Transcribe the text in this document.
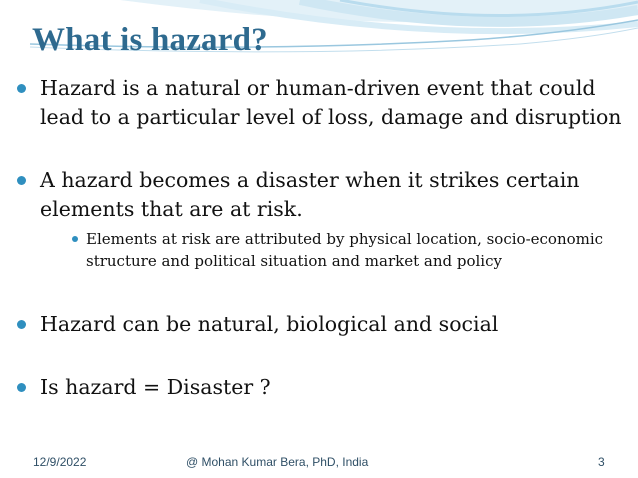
What is hazard?
Hazard is a natural or human-driven event that could lead to a particular level of loss, damage and disruption
A hazard becomes a disaster when it strikes certain elements that are at risk.
Elements at risk are attributed by physical location, socio-economic structure and political situation and market and policy
Hazard can be natural, biological and social
Is hazard = Disaster ?
12/9/2022	@ Mohan Kumar Bera, PhD, India	3
